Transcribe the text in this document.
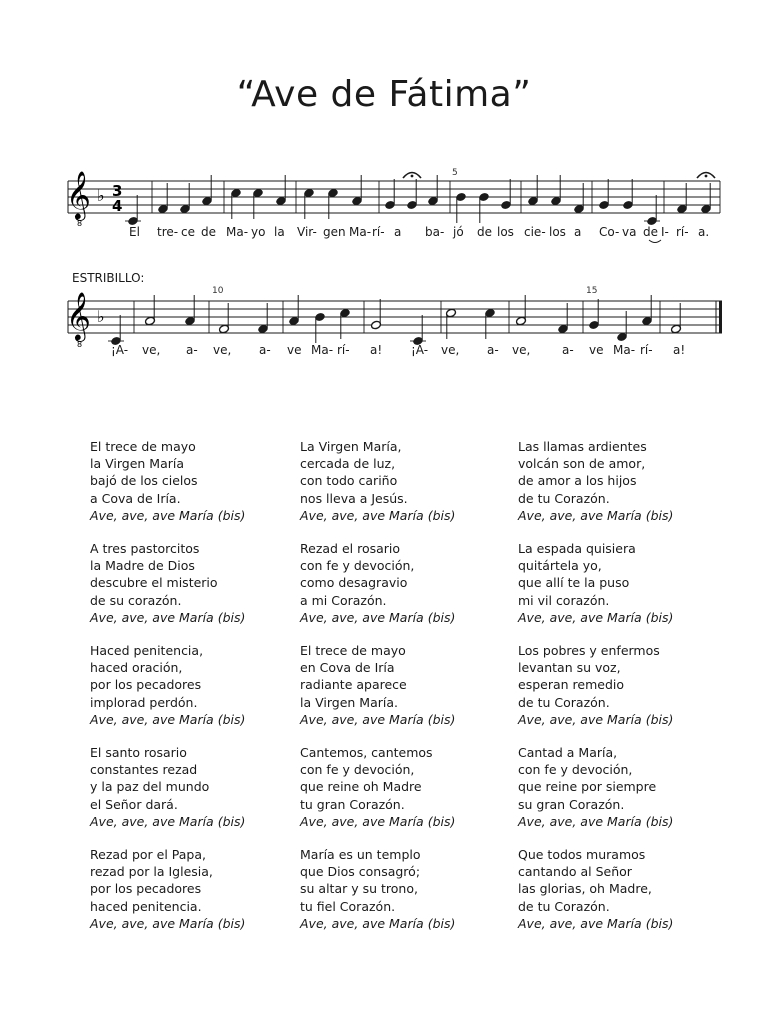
“Ave de Fátima”
𝄞
𝄞
8
8
♭
♭
3
4
5
10	15
ESTRIBILLO:
El tre- ce de Ma- yo la Vir- gen Ma- rí- a ba- jó de los cie- los a Co- va de I- rí- a.
¡A- ve, a- ve, a- ve Ma- rí- a! ¡A- ve, a- ve,	a- ve Ma- rí- a!
El trece de mayo
la Virgen María
bajó de los cielos
a Cova de Iría.
Ave, ave, ave María (bis)
A tres pastorcitos
la Madre de Dios
descubre el misterio
de su corazón.
Ave, ave, ave María (bis)
Haced penitencia,
haced oración,
por los pecadores
implorad perdón.
Ave, ave, ave María (bis)
El santo rosario
constantes rezad
y la paz del mundo
el Señor dará.
Ave, ave, ave María (bis)
Rezad por el Papa,
rezad por la Iglesia,
por los pecadores
haced penitencia.
Ave, ave, ave María (bis)
La Virgen María,
cercada de luz,
con todo cariño
nos lleva a Jesús.
Ave, ave, ave María (bis)
Rezad el rosario
con fe y devoción,
como desagravio
a mi Corazón.
Ave, ave, ave María (bis)
El trece de mayo
en Cova de Iría
radiante aparece
la Virgen María.
Ave, ave, ave María (bis)
Cantemos, cantemos
con fe y devoción,
que reine oh Madre
tu gran Corazón.
Ave, ave, ave María (bis)
María es un templo
que Dios consagró;
su altar y su trono,
tu fiel Corazón.
Ave, ave, ave María (bis)
Las llamas ardientes
volcán son de amor,
de amor a los hijos
de tu Corazón.
Ave, ave, ave María (bis)
La espada quisiera
quitártela yo,
que allí te la puso
mi vil corazón.
Ave, ave, ave María (bis)
Los pobres y enfermos
levantan su voz,
esperan remedio
de tu Corazón.
Ave, ave, ave María (bis)
Cantad a María,
con fe y devoción,
que reine por siempre
su gran Corazón.
Ave, ave, ave María (bis)
Que todos muramos
cantando al Señor
las glorias, oh Madre,
de tu Corazón.
Ave, ave, ave María (bis)
